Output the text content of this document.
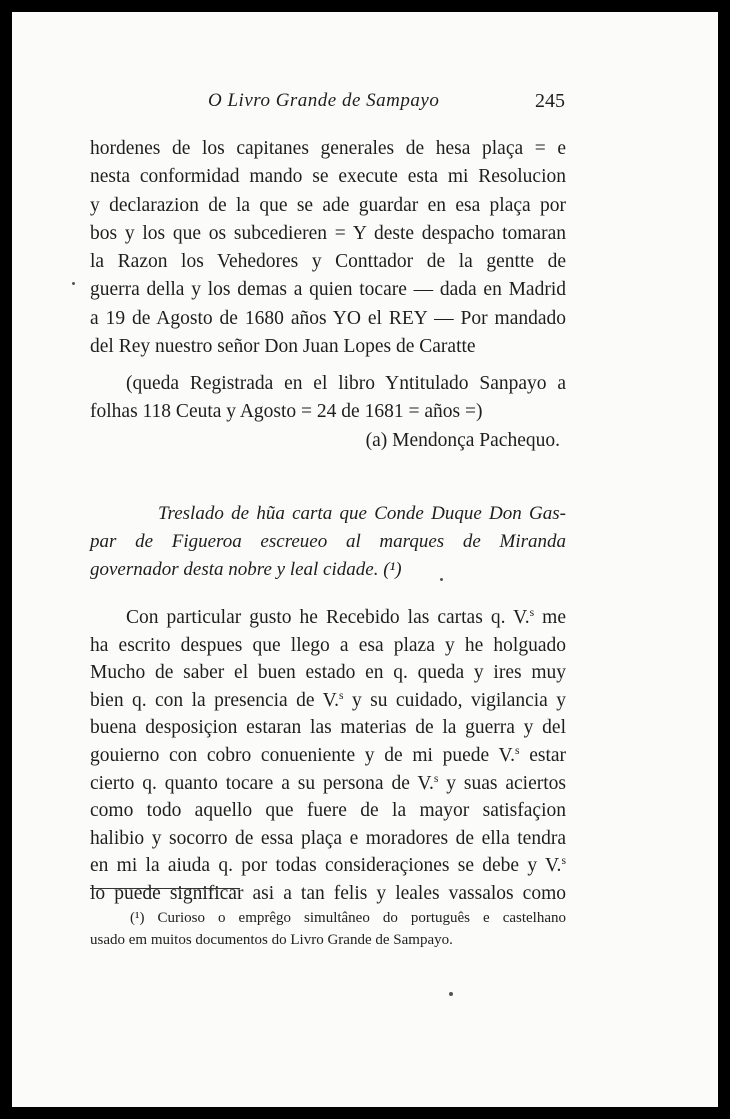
O Livro Grande de Sampayo	245
hordenes de los capitanes generales de hesa plaça = e
nesta conformidad mando se execute esta mi Resolucion
y declarazion de la que se ade guardar en esa plaça por
bos y los que os subcedieren = Y deste despacho tomaran
la Razon los Vehedores y Conttador de la gentte de
guerra della y los demas a quien tocare — dada en Madrid
a 19 de Agosto de 1680 años YO el REY — Por mandado
del Rey nuestro señor Don Juan Lopes de Caratte
(queda Registrada en el libro Yntitulado Sanpayo a
folhas 118 Ceuta y Agosto = 24 de 1681 = años =)
(a) Mendonça Pachequo.
Treslado de hũa carta que Conde Duque Don Gas-
par de Figueroa escreueo al marques de Miranda
governador desta nobre y leal cidade. (¹)
Con particular gusto he Recebido las cartas q. V.$^s$ me
ha escrito despues que llego a esa plaza y he holguado
Mucho de saber el buen estado en q. queda y ires muy
bien q. con la presencia de V.$^s$ y su cuidado, vigilancia y
buena desposiçion estaran las materias de la guerra y del
gouierno con cobro conueniente y de mi puede V.$^s$ estar
cierto q. quanto tocare a su persona de V.$^s$ y suas aciertos
como todo aquello que fuere de la mayor satisfaçion
halibio y socorro de essa plaça e moradores de ella tendra
en mi la aiuda q. por todas consideraçiones se debe y V.$^s$
lo puede significar asi a tan felis y leales vassalos como
(¹) Curioso o emprêgo simultâneo do português e castelhano
usado em muitos documentos do Livro Grande de Sampayo.
